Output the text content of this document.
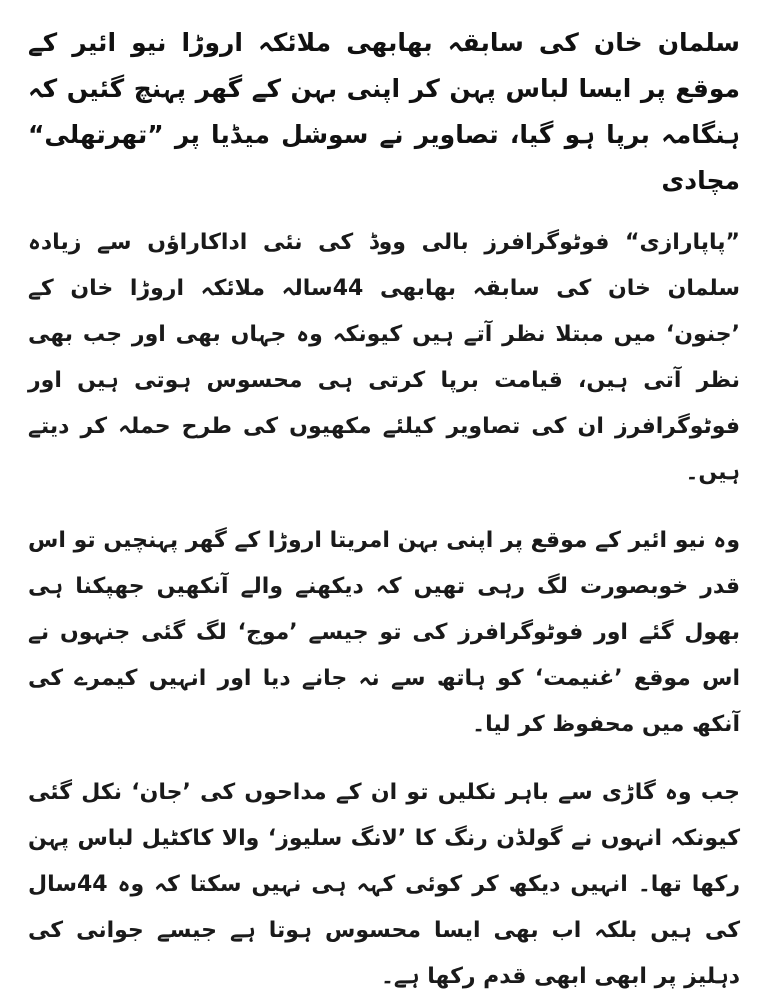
سلمان خان کی سابقہ بھابھی ملائکہ اروڑا نیو ائیر کے موقع پر ایسا لباس پہن کر اپنی بہن کے گھر پہنچ گئیں کہ ہنگامہ برپا ہو گیا، تصاویر نے سوشل میڈیا پر ”تھرتھلی“ مچادی

”پاپارازی“ فوٹوگرافرز بالی ووڈ کی نئی اداکاراؤں سے زیادہ سلمان خان کی سابقہ بھابھی 44سالہ ملائکہ اروڑا خان کے ’جنون‘ میں مبتلا نظر آتے ہیں کیونکہ وہ جہاں بھی اور جب بھی نظر آتی ہیں، قیامت برپا کرتی ہی محسوس ہوتی ہیں اور فوٹوگرافرز ان کی تصاویر کیلئے مکھیوں کی طرح حملہ کر دیتے ہیں۔

وہ نیو ائیر کے موقع پر اپنی بہن امریتا اروڑا کے گھر پہنچیں تو اس قدر خوبصورت لگ رہی تھیں کہ دیکھنے والے آنکھیں جھپکنا ہی بھول گئے اور فوٹوگرافرز کی تو جیسے ’موج‘ لگ گئی جنہوں نے اس موقع ’غنیمت‘ کو ہاتھ سے نہ جانے دیا اور انہیں کیمرے کی آنکھ میں محفوظ کر لیا۔

جب وہ گاڑی سے باہر نکلیں تو ان کے مداحوں کی ’جان‘ نکل گئی کیونکہ انہوں نے گولڈن رنگ کا ’لانگ سلیوز‘ والا کاکٹیل لباس پہن رکھا تھا۔ انہیں دیکھ کر کوئی کہہ ہی نہیں سکتا کہ وہ 44سال کی ہیں بلکہ اب بھی ایسا محسوس ہوتا ہے جیسے جوانی کی دہلیز پر ابھی ابھی قدم رکھا ہے۔
